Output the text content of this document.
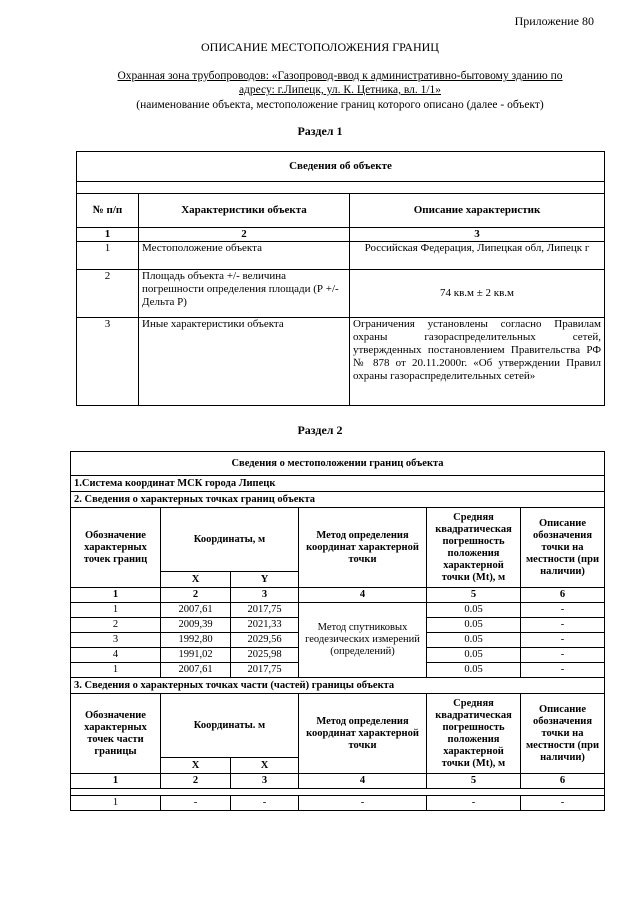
Приложение 80
ОПИСАНИЕ МЕСТОПОЛОЖЕНИЯ ГРАНИЦ
Охранная зона трубопроводов: «Газопровод-ввод к административно-бытовому зданию по
адресу: г.Липецк, ул. К. Цетника, вл. 1/1»
(наименование объекта, местоположение границ которого описано (далее - объект)
Раздел 1
Сведения об объекте		

№ п/п	Характеристики объекта	Описание характеристик
1	2	3
1	Местоположение объекта	Российская Федерация, Липецкая обл, Липецк г
2	Площадь объекта +/- величина погрешности определения площади (Р +/- Дельта Р)	74 кв.м ± 2 кв.м
3	Иные характеристики объекта	Ограничения установлены согласно Правилам охраны газораспределительных сетей, утвержденных постановлением Правительства РФ № 878 от 20.11.2000г. «Об утверждении Правил охраны газораспределительных сетей»
Раздел 2
Сведения о местоположении границ объекта					
1.Система координат МСК города Липецк					
2. Сведения о характерных точках границ объекта					
Обозначение характерных точек границ	Координаты, м		Метод определения координат характерной точки	Средняя квадратическая погрешность положения характерной точки (Mt), м	Описание обозначения точки на местности (при наличии)
	X	Y			
1	2	3	4	5	6
1	2007,61	2017,75	Метод спутниковых геодезических измерений (определений)	0.05	-
2	2009,39	2021,33		0.05	-
3	1992,80	2029,56		0.05	-
4	1991,02	2025,98		0.05	-
1	2007,61	2017,75		0.05	-
3. Сведения о характерных точках части (частей) границы объекта					
Обозначение характерных точек части границы	Координаты. м		Метод определения координат характерной точки	Средняя квадратическая погрешность положения характерной точки (Mt), м	Описание обозначения точки на местности (при наличии)
	X	X			
1	2	3	4	5	6

1	-	-	-	-	-
